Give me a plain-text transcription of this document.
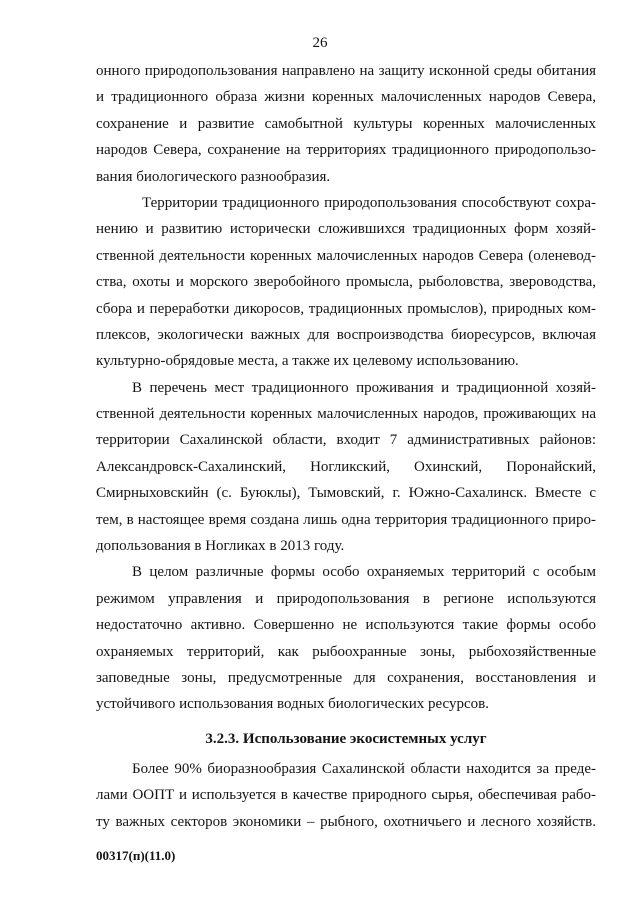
26
онного природопользования направлено на защиту исконной среды обитания
и традиционного образа жизни коренных малочисленных народов Севера,
сохранение и развитие самобытной культуры коренных малочисленных
народов Севера, сохранение на территориях традиционного природопользо-
вания биологического разнообразия.
Территории традиционного природопользования способствуют сохра-
нению и развитию исторически сложившихся традиционных форм хозяй-
ственной деятельности коренных малочисленных народов Севера (оленевод-
ства, охоты и морского зверобойного промысла, рыболовства, звероводства,
сбора и переработки дикоросов, традиционных промыслов), природных ком-
плексов, экологически важных для воспроизводства биоресурсов, включая
культурно-обрядовые места, а также их целевому использованию.
В перечень мест традиционного проживания и традиционной хозяй-
ственной деятельности коренных малочисленных народов, проживающих на
территории Сахалинской области, входит 7 административных районов:
Александровск-Сахалинский, Ногликский, Охинский, Поронайский,
Смирныховскийн (с. Буюклы), Тымовский, г. Южно-Сахалинск. Вместе с
тем, в настоящее время создана лишь одна территория традиционного приро-
допользования в Ногликах в 2013 году.
В целом различные формы особо охраняемых территорий с особым
режимом управления и природопользования в регионе используются
недостаточно активно. Совершенно не используются такие формы особо
охраняемых территорий, как рыбоохранные зоны, рыбохозяйственные
заповедные зоны, предусмотренные для сохранения, восстановления и
устойчивого использования водных биологических ресурсов.
3.2.3. Использование экосистемных услуг
Более 90% биоразнообразия Сахалинской области находится за преде-
лами ООПТ и используется в качестве природного сырья, обеспечивая рабо-
ту важных секторов экономики – рыбного, охотничьего и лесного хозяйств.
00317(п)(11.0)
